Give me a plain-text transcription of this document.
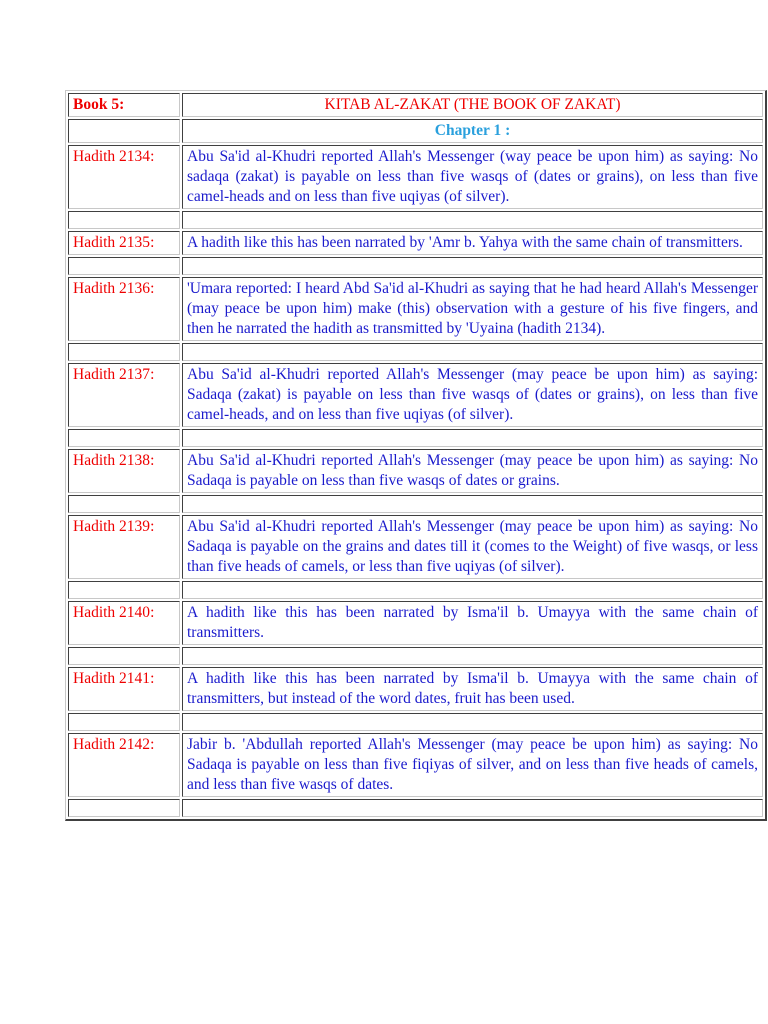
Book 5:	KITAB AL-ZAKAT (THE BOOK OF ZAKAT)
	Chapter 1 :
Hadith 2134:	Abu Sa'id al-Khudri reported Allah's Messenger (way peace be upon him) as saying: No sadaqa (zakat) is payable on less than five wasqs of (dates or grains), on less than five camel-heads and on less than five uqiyas (of silver).

Hadith 2135:	A hadith like this has been narrated by 'Amr b. Yahya with the same chain of transmitters.

Hadith 2136:	'Umara reported: I heard Abd Sa'id al-Khudri as saying that he had heard Allah's Messenger (may peace be upon him) make (this) observation with a gesture of his five fingers, and then he narrated the hadith as transmitted by 'Uyaina (hadith 2134).

Hadith 2137:	Abu Sa'id al-Khudri reported Allah's Messenger (may peace be upon him) as saying: Sadaqa (zakat) is payable on less than five wasqs of (dates or grains), on less than five camel-heads, and on less than five uqiyas (of silver).

Hadith 2138:	Abu Sa'id al-Khudri reported Allah's Messenger (may peace be upon him) as saying: No Sadaqa is payable on less than five wasqs of dates or grains.

Hadith 2139:	Abu Sa'id al-Khudri reported Allah's Messenger (may peace be upon him) as saying: No Sadaqa is payable on the grains and dates till it (comes to the Weight) of five wasqs, or less than five heads of camels, or less than five uqiyas (of silver).

Hadith 2140:	A hadith like this has been narrated by Isma'il b. Umayya with the same chain of transmitters.

Hadith 2141:	A hadith like this has been narrated by Isma'il b. Umayya with the same chain of transmitters, but instead of the word dates, fruit has been used.

Hadith 2142:	Jabir b. 'Abdullah reported Allah's Messenger (may peace be upon him) as saying: No Sadaqa is payable on less than five fiqiyas of silver, and on less than five heads of camels, and less than five wasqs of dates.
